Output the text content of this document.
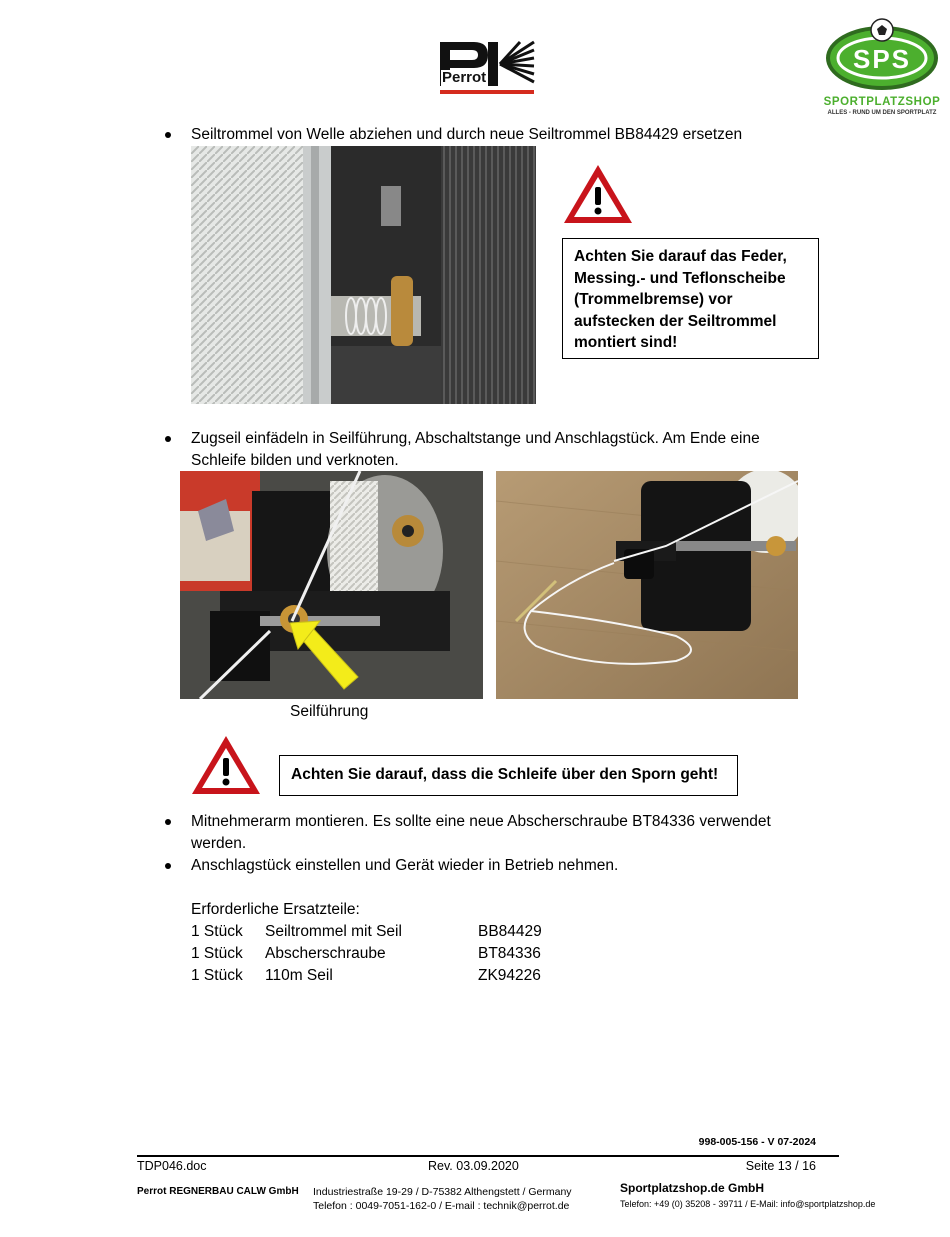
Perrot
SPS
SPORTPLATZSHOP
ALLES - RUND UM DEN SPORTPLATZ
Seiltrommel von Welle abziehen und durch neue Seiltrommel BB84429 ersetzen
Achten Sie darauf das Feder,
Messing.- und Teflonscheibe
(Trommelbremse) vor
aufstecken der Seiltrommel
montiert sind!
Zugseil einfädeln in Seilführung, Abschaltstange und Anschlagstück. Am Ende eine
Schleife bilden und verknoten.
Seilführung
Achten Sie darauf, dass die Schleife über den Sporn geht!
Mitnehmerarm montieren. Es sollte eine neue Abscherschraube BT84336 verwendet
werden.
Anschlagstück einstellen und Gerät wieder in Betrieb nehmen.
Erforderliche Ersatzteile:
1 Stück Seiltrommel mit Seil	BB84429
1 Stück Abscherschraube	BT84336
1 Stück 110m Seil	ZK94226
998-005-156 - V 07-2024
TDP046.doc	Rev. 03.09.2020	Seite 13 / 16
Perrot REGNERBAU CALW GmbH Industriestraße 19-29 / D-75382 Althengstett / Germany
Telefon : 0049-7051-162-0 / E-mail : technik@perrot.de
Sportplatzshop.de GmbH
Telefon: +49 (0) 35208 - 39711 / E-Mail: info@sportplatzshop.de
